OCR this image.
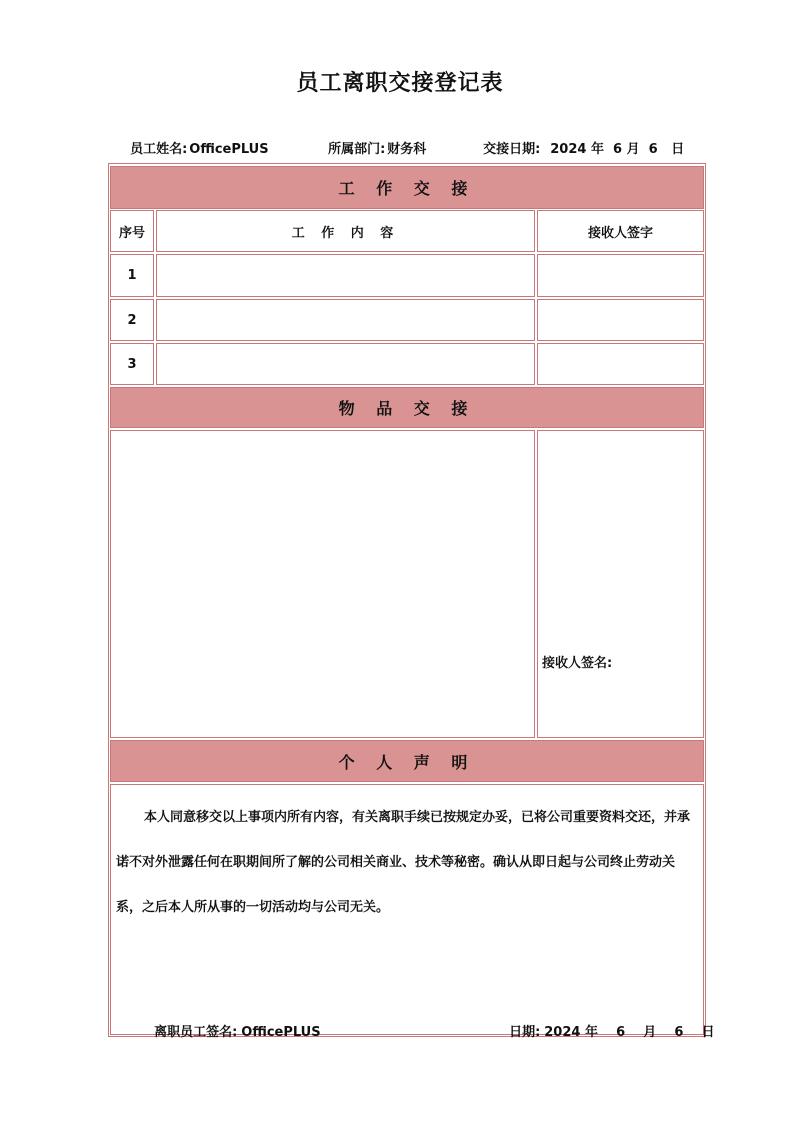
员工离职交接登记表

员工姓名: OfficePLUS	所属部门: 财务科	交接日期: 2024 年  6 月  6   日

工 作 交 接
序号	工 作 内 容	接收人签字
1
2
3
物 品 交 接
接收人签名:
个 人 声 明
本人同意移交以上事项内所有内容，有关离职手续已按规定办妥，已将公司重要资料交还，并承诺不对外泄露任何在职期间所了解的公司相关商业、技术等秘密。确认从即日起与公司终止劳动关系，之后本人所从事的一切活动均与公司无关。

离职员工签名: OfficePLUS	日期: 2024 年    6    月    6    日
